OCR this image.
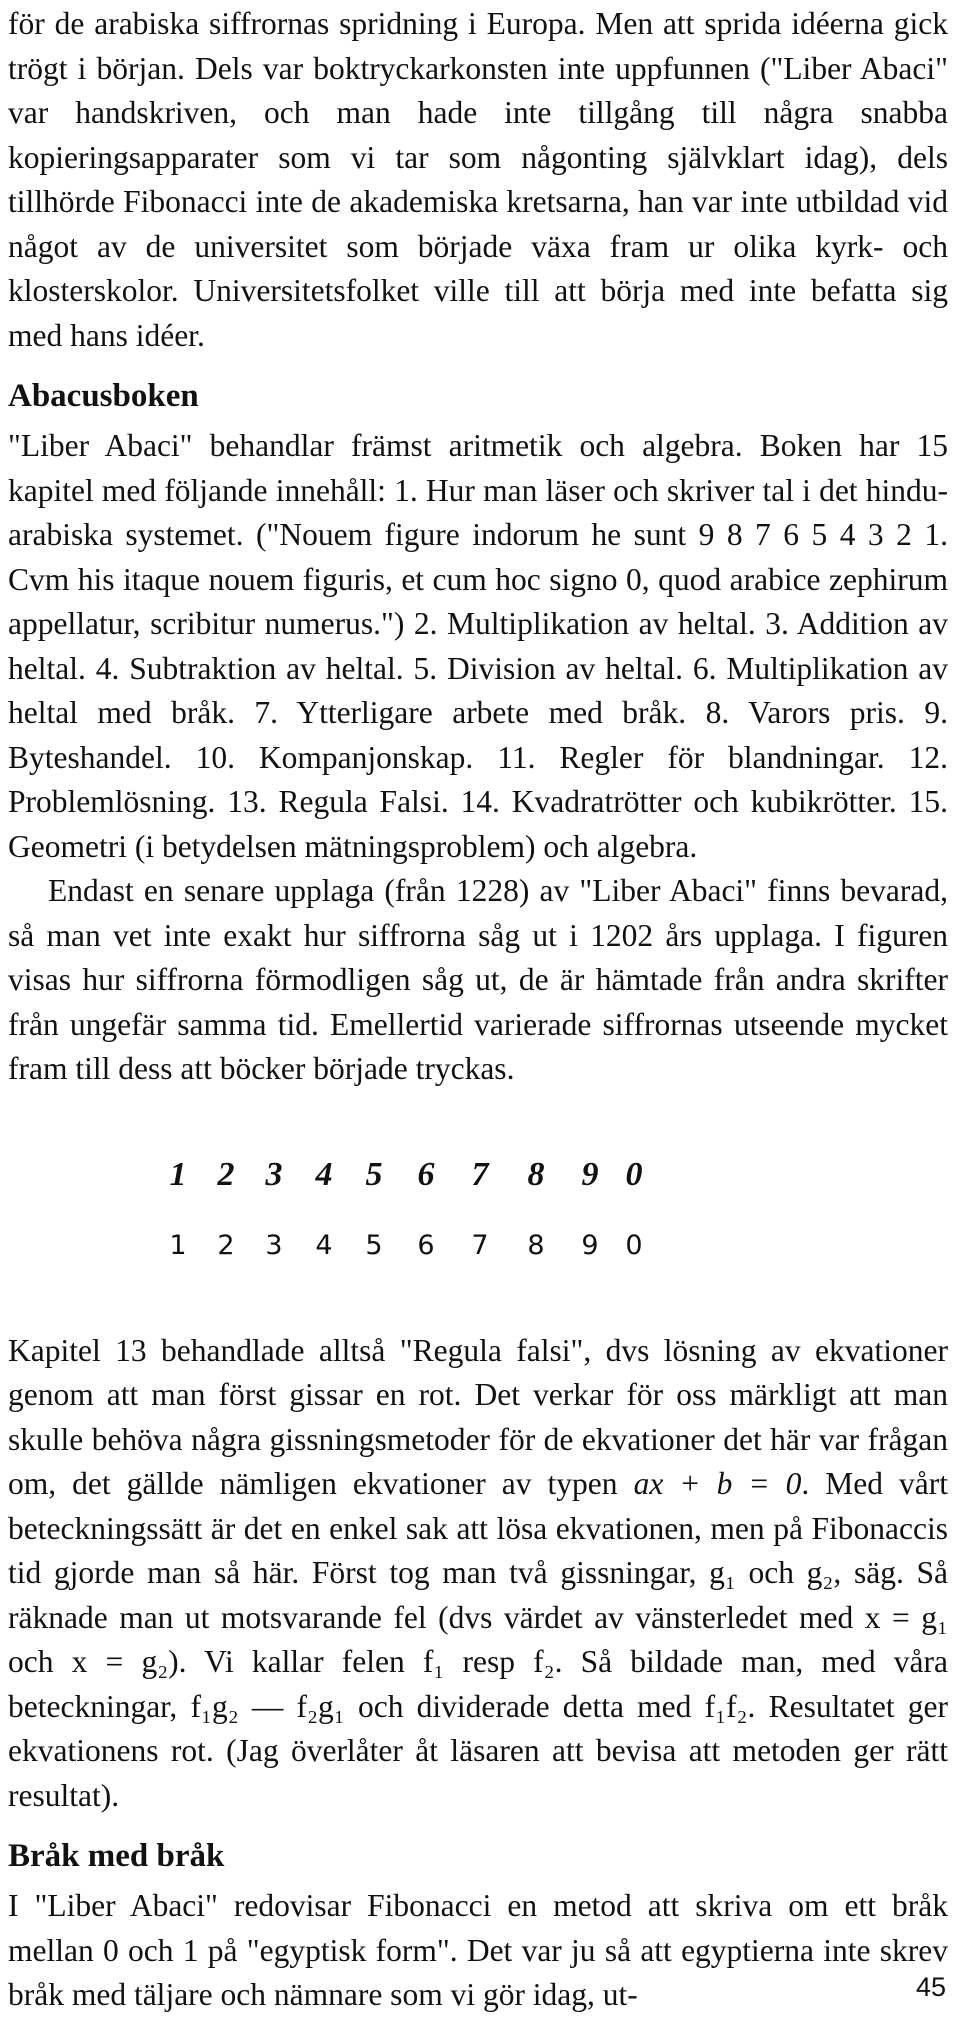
för de arabiska siffrornas spridning i Europa. Men att sprida idéerna gick trögt i början. Dels var boktryckarkonsten inte uppfunnen ("Liber Abaci" var handskriven, och man hade inte tillgång till några snabba kopieringsapparater som vi tar som någonting självklart idag), dels tillhörde Fibonacci inte de akademiska kretsarna, han var inte utbildad vid något av de universitet som började växa fram ur olika kyrk- och klosterskolor. Universitetsfolket ville till att börja med inte befatta sig med hans idéer.

Abacusboken

"Liber Abaci" behandlar främst aritmetik och algebra. Boken har 15 kapitel med följande innehåll: 1. Hur man läser och skriver tal i det hindu-arabiska systemet. ("Nouem figure indorum he sunt 9 8 7 6 5 4 3 2 1. Cvm his itaque nouem figuris, et cum hoc signo 0, quod arabice zephirum appellatur, scribitur numerus.") 2. Multiplikation av heltal. 3. Addition av heltal. 4. Subtraktion av heltal. 5. Division av heltal. 6. Multiplikation av heltal med bråk. 7. Ytterligare arbete med bråk. 8. Varors pris. 9. Byteshandel. 10. Kompanjonskap. 11. Regler för blandningar. 12. Problemlösning. 13. Regula Falsi. 14. Kvadratrötter och kubikrötter. 15. Geometri (i betydelsen mätningsproblem) och algebra.

Endast en senare upplaga (från 1228) av "Liber Abaci" finns bevarad, så man vet inte exakt hur siffrorna såg ut i 1202 års upplaga. I figuren visas hur siffrorna förmodligen såg ut, de är hämtade från andra skrifter från ungefär samma tid. Emellertid varierade siffrornas utseende mycket fram till dess att böcker började tryckas.

1 2 3 4 5	6	7	8	9 0
1	2	3	4	5	6	7	8	9 0

Kapitel 13 behandlade alltså "Regula falsi", dvs lösning av ekvationer genom att man först gissar en rot. Det verkar för oss märkligt att man skulle behöva några gissningsmetoder för de ekvationer det här var frågan om, det gällde nämligen ekvationer av typen ax + b = 0. Med vårt beteckningssätt är det en enkel sak att lösa ekvationen, men på Fibonaccis tid gjorde man så här. Först tog man två gissningar, g₁ och g₂, säg. Så räknade man ut motsvarande fel (dvs värdet av vänsterledet med x = g₁ och x = g₂). Vi kallar felen f₁ resp f₂. Så bildade man, med våra beteckningar, f₁g₂ — f₂g₁ och dividerade detta med f₁f₂. Resultatet ger ekvationens rot. (Jag överlåter åt läsaren att bevisa att metoden ger rätt resultat).

Bråk med bråk

I "Liber Abaci" redovisar Fibonacci en metod att skriva om ett bråk mellan 0 och 1 på "egyptisk form". Det var ju så att egyptierna inte skrev bråk med täljare och nämnare som vi gör idag, ut-	45
